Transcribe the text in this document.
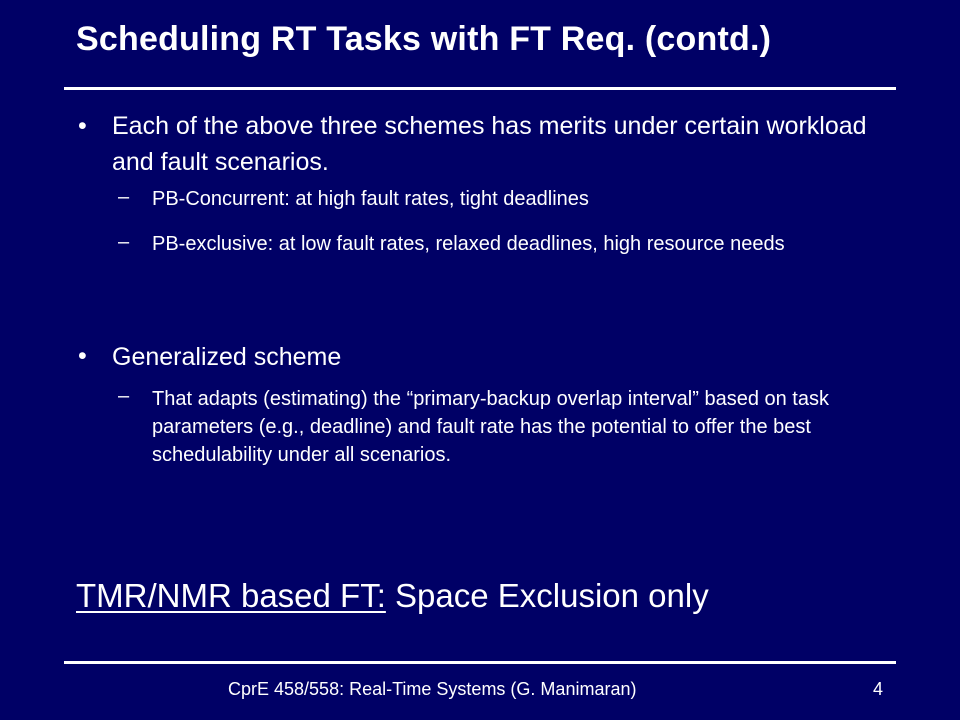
Scheduling RT Tasks with FT Req. (contd.)
• Each of the above three schemes has merits under certain workload and fault scenarios.
– PB-Concurrent: at high fault rates, tight deadlines
– PB-exclusive: at low fault rates, relaxed deadlines, high resource needs
• Generalized scheme
– That adapts (estimating) the “primary-backup overlap interval” based on task parameters (e.g., deadline) and fault rate has the potential to offer the best schedulability under all scenarios.
TMR/NMR based FT: Space Exclusion only
CprE 458/558: Real-Time Systems (G. Manimaran)	4
